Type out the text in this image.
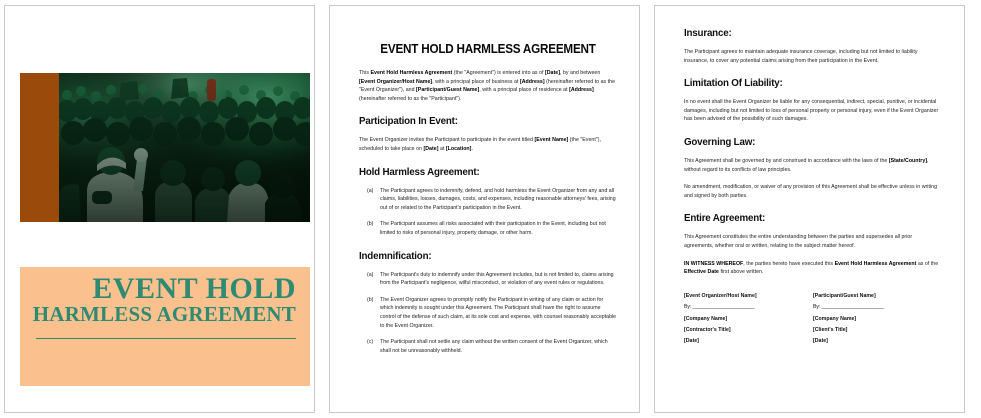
EVENT HOLD
HARMLESS AGREEMENT
EVENT HOLD HARMLESS AGREEMENT

This Event Hold Harmless Agreement (the "Agreement") is entered into as of [Date], by and between [Event Organizer/Host Name], with a principal place of business at [Address] (hereinafter referred to as the "Event Organizer"), and [Participant/Guest Name], with a principal place of residence at [Address] (hereinafter referred to as the "Participant").

Participation In Event:

The Event Organizer invites the Participant to participate in the event titled [Event Name] (the "Event"), scheduled to take place on [Date] at [Location].

Hold Harmless Agreement:
(a) The Participant agrees to indemnify, defend, and hold harmless the Event Organizer from any and all claims, liabilities, losses, damages, costs, and expenses, including reasonable attorneys' fees, arising out of or related to the Participant's participation in the Event.
(b) The Participant assumes all risks associated with their participation in the Event, including but not limited to risks of personal injury, property damage, or other harm.
Indemnification:
(a) The Participant's duty to indemnify under this Agreement includes, but is not limited to, claims arising from the Participant's negligence, wilful misconduct, or violation of any event rules or regulations.
(b) The Event Organizer agrees to promptly notify the Participant in writing of any claim or action for which indemnity is sought under this Agreement. The Participant shall have the right to assume control of the defense of such claim, at its sole cost and expense, with counsel reasonably acceptable to the Event Organizer.
(c) The Participant shall not settle any claim without the written consent of the Event Organizer, which shall not be unreasonably withheld.
Insurance:

The Participant agrees to maintain adequate insurance coverage, including but not limited to liability insurance, to cover any potential claims arising from their participation in the Event.

Limitation Of Liability:

In no event shall the Event Organizer be liable for any consequential, indirect, special, punitive, or incidental damages, including but not limited to loss of personal property or personal injury, even if the Event Organizer has been advised of the possibility of such damages.

Governing Law:

This Agreement shall be governed by and construed in accordance with the laws of the [State/Country], without regard to its conflicts of law principles.

No amendment, modification, or waiver of any provision of this Agreement shall be effective unless in writing and signed by both parties.

Entire Agreement:

This Agreement constitutes the entire understanding between the parties and supersedes all prior agreements, whether oral or written, relating to the subject matter hereof.

IN WITNESS WHEREOF, the parties hereto have executed this Event Hold Harmless Agreement as of the Effective Date first above written.

[Event Organizer/Host Name]
By: ______________________
[Company Name]
[Contractor's Title]
[Date]
[Participant/Guest Name]
By: ______________________
[Company Name]
[Client's Title]
[Date]
